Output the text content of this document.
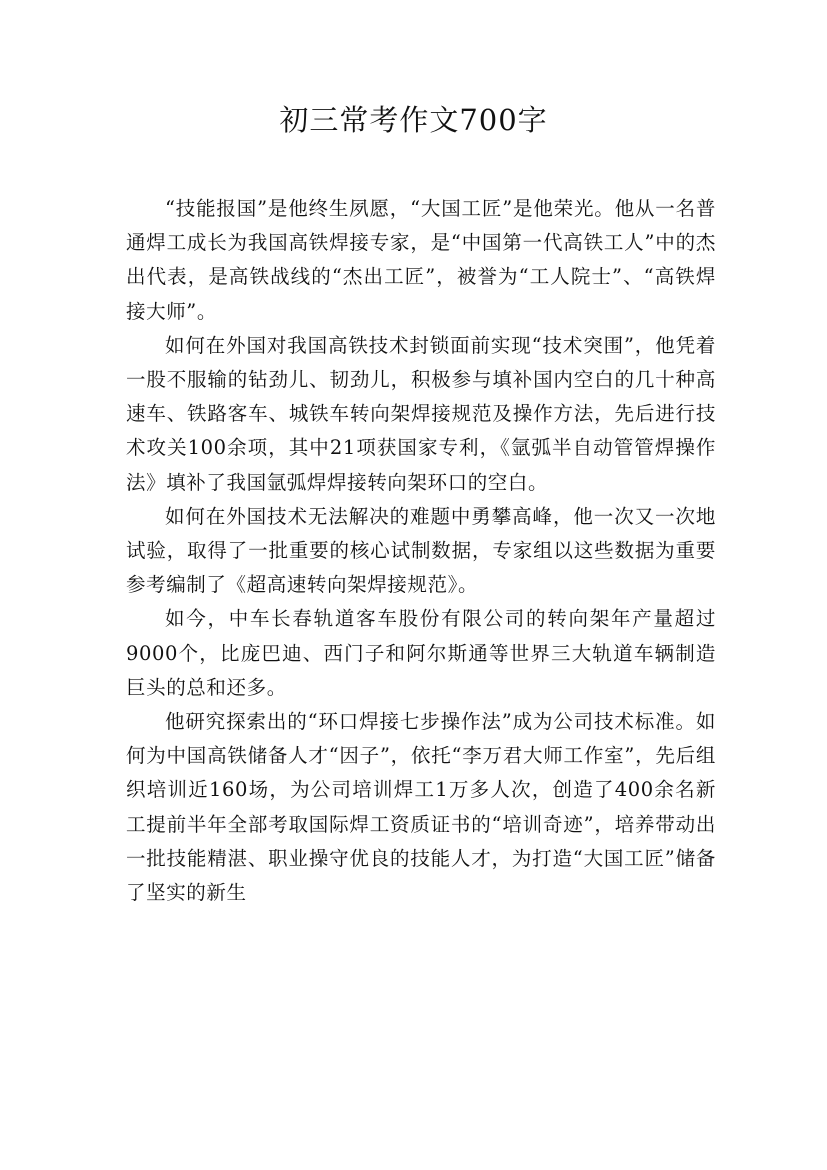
初三常考作文700字

“技能报国”是他终生夙愿，“大国工匠”是他荣光。他从一名普通焊工成长为我国高铁焊接专家，是“中国第一代高铁工人”中的杰出代表，是高铁战线的“杰出工匠”，被誉为“工人院士”、“高铁焊接大师”。

如何在外国对我国高铁技术封锁面前实现“技术突围”，他凭着一股不服输的钻劲儿、韧劲儿，积极参与填补国内空白的几十种高速车、铁路客车、城铁车转向架焊接规范及操作方法，先后进行技术攻关100余项，其中21项获国家专利，《氩弧半自动管管焊操作法》填补了我国氩弧焊焊接转向架环口的空白。

如何在外国技术无法解决的难题中勇攀高峰，他一次又一次地试验，取得了一批重要的核心试制数据，专家组以这些数据为重要参考编制了《超高速转向架焊接规范》。

如今，中车长春轨道客车股份有限公司的转向架年产量超过9000个，比庞巴迪、西门子和阿尔斯通等世界三大轨道车辆制造巨头的总和还多。

他研究探索出的“环口焊接七步操作法”成为公司技术标准。如何为中国高铁储备人才“因子”，依托“李万君大师工作室”，先后组织培训近160场，为公司培训焊工1万多人次，创造了400余名新工提前半年全部考取国际焊工资质证书的“培训奇迹”，培养带动出一批技能精湛、职业操守优良的技能人才，为打造“大国工匠”储备了坚实的新生
